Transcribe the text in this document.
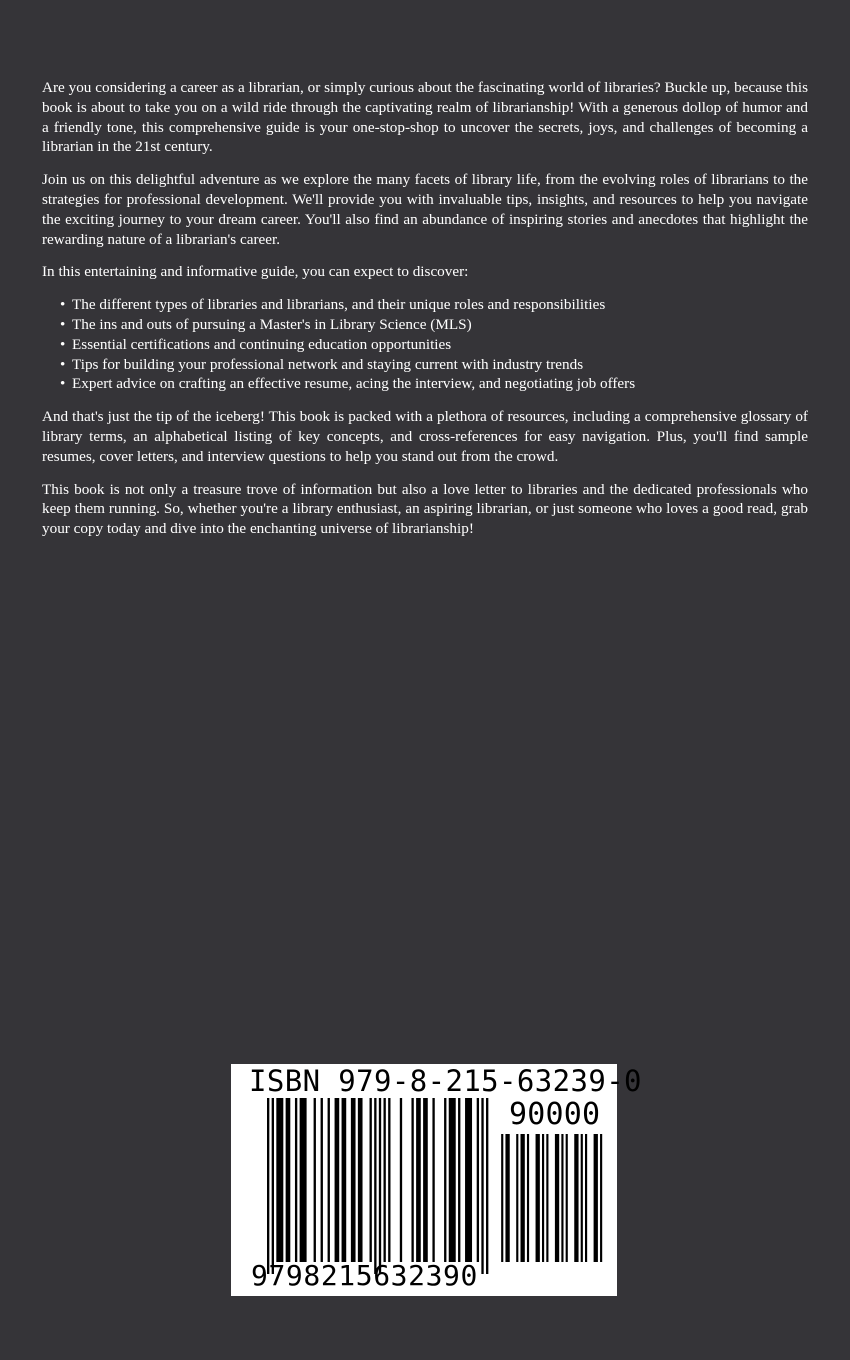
Are you considering a career as a librarian, or simply curious about the fascinating world of libraries? Buckle up, because this book is about to take you on a wild ride through the captivating realm of librarianship! With a generous dollop of humor and a friendly tone, this comprehensive guide is your one-stop-shop to uncover the secrets, joys, and challenges of becoming a librarian in the 21st century.

Join us on this delightful adventure as we explore the many facets of library life, from the evolving roles of librarians to the strategies for professional development. We'll provide you with invaluable tips, insights, and resources to help you navigate the exciting journey to your dream career. You'll also find an abundance of inspiring stories and anecdotes that highlight the rewarding nature of a librarian's career.

In this entertaining and informative guide, you can expect to discover:

• The different types of libraries and librarians, and their unique roles and responsibilities
• The ins and outs of pursuing a Master's in Library Science (MLS)
• Essential certifications and continuing education opportunities
• Tips for building your professional network and staying current with industry trends
• Expert advice on crafting an effective resume, acing the interview, and negotiating job offers

And that's just the tip of the iceberg! This book is packed with a plethora of resources, including a comprehensive glossary of library terms, an alphabetical listing of key concepts, and cross-references for easy navigation. Plus, you'll find sample resumes, cover letters, and interview questions to help you stand out from the crowd.

This book is not only a treasure trove of information but also a love letter to libraries and the dedicated professionals who keep them running. So, whether you're a library enthusiast, an aspiring librarian, or just someone who loves a good read, grab your copy today and dive into the enchanting universe of librarianship!

ISBN 979-8-215-63239-0
90000
9798215632390
